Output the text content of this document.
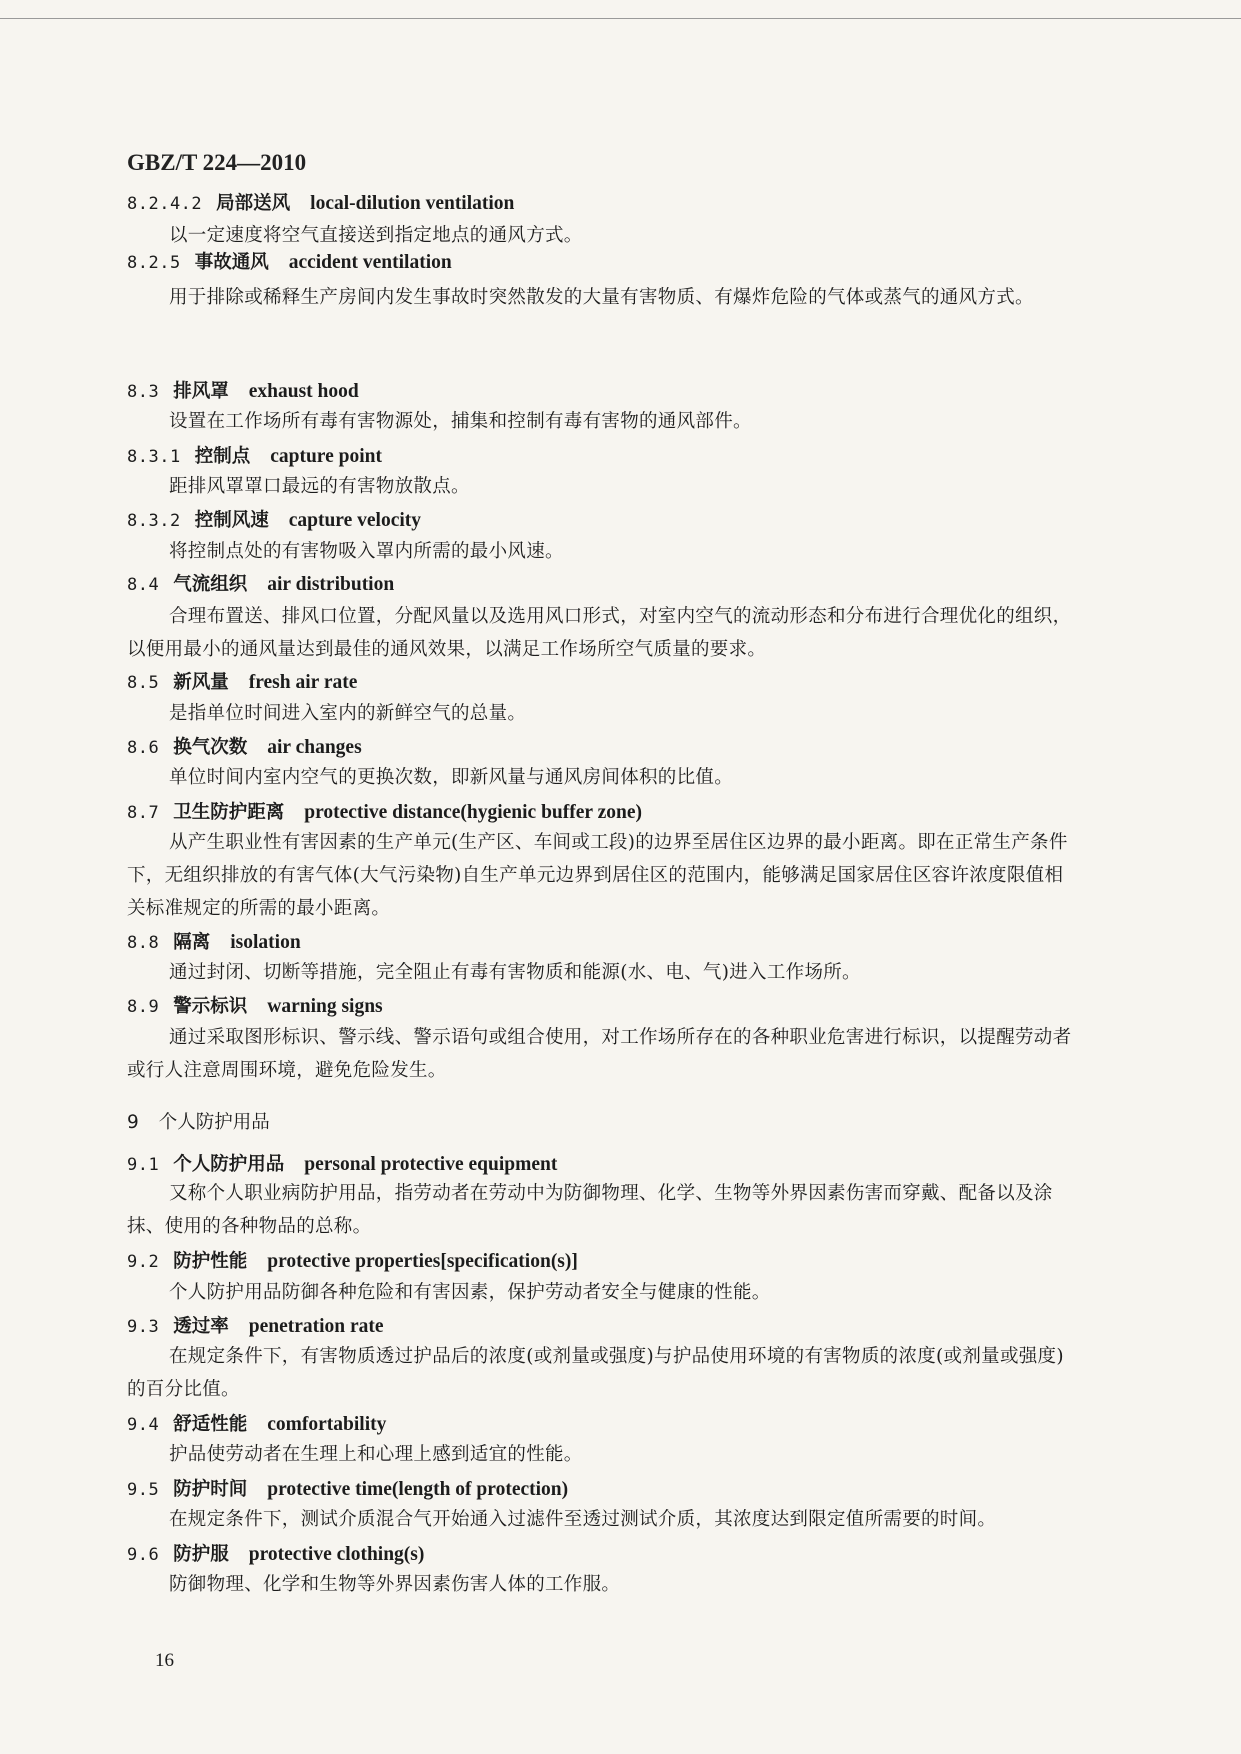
GBZ/T 224—2010
8.2.4.2 局部送风 local-dilution ventilation
以一定速度将空气直接送到指定地点的通风方式。
8.2.5 事故通风 accident ventilation
用于排除或稀释生产房间内发生事故时突然散发的大量有害物质、有爆炸危险的气体或蒸气的通风方式。
8.3 排风罩 exhaust hood
设置在工作场所有毒有害物源处，捕集和控制有毒有害物的通风部件。
8.3.1 控制点 capture point
距排风罩罩口最远的有害物放散点。
8.3.2 控制风速 capture velocity
将控制点处的有害物吸入罩内所需的最小风速。
8.4 气流组织 air distribution
合理布置送、排风口位置，分配风量以及选用风口形式，对室内空气的流动形态和分布进行合理优化的组织，以便用最小的通风量达到最佳的通风效果，以满足工作场所空气质量的要求。
8.5 新风量 fresh air rate
是指单位时间进入室内的新鲜空气的总量。
8.6 换气次数 air changes
单位时间内室内空气的更换次数，即新风量与通风房间体积的比值。
8.7 卫生防护距离 protective distance(hygienic buffer zone)
从产生职业性有害因素的生产单元(生产区、车间或工段)的边界至居住区边界的最小距离。即在正常生产条件下，无组织排放的有害气体(大气污染物)自生产单元边界到居住区的范围内，能够满足国家居住区容许浓度限值相关标准规定的所需的最小距离。
8.8 隔离 isolation
通过封闭、切断等措施，完全阻止有毒有害物质和能源(水、电、气)进入工作场所。
8.9 警示标识 warning signs
通过采取图形标识、警示线、警示语句或组合使用，对工作场所存在的各种职业危害进行标识，以提醒劳动者或行人注意周围环境，避免危险发生。
9 个人防护用品
9.1 个人防护用品 personal protective equipment
又称个人职业病防护用品，指劳动者在劳动中为防御物理、化学、生物等外界因素伤害而穿戴、配备以及涂抹、使用的各种物品的总称。
9.2 防护性能 protective properties[specification(s)]
个人防护用品防御各种危险和有害因素，保护劳动者安全与健康的性能。
9.3 透过率 penetration rate
在规定条件下，有害物质透过护品后的浓度(或剂量或强度)与护品使用环境的有害物质的浓度(或剂量或强度)的百分比值。
9.4 舒适性能 comfortability
护品使劳动者在生理上和心理上感到适宜的性能。
9.5 防护时间 protective time(length of protection)
在规定条件下，测试介质混合气开始通入过滤件至透过测试介质，其浓度达到限定值所需要的时间。
9.6 防护服 protective clothing(s)
防御物理、化学和生物等外界因素伤害人体的工作服。
16
